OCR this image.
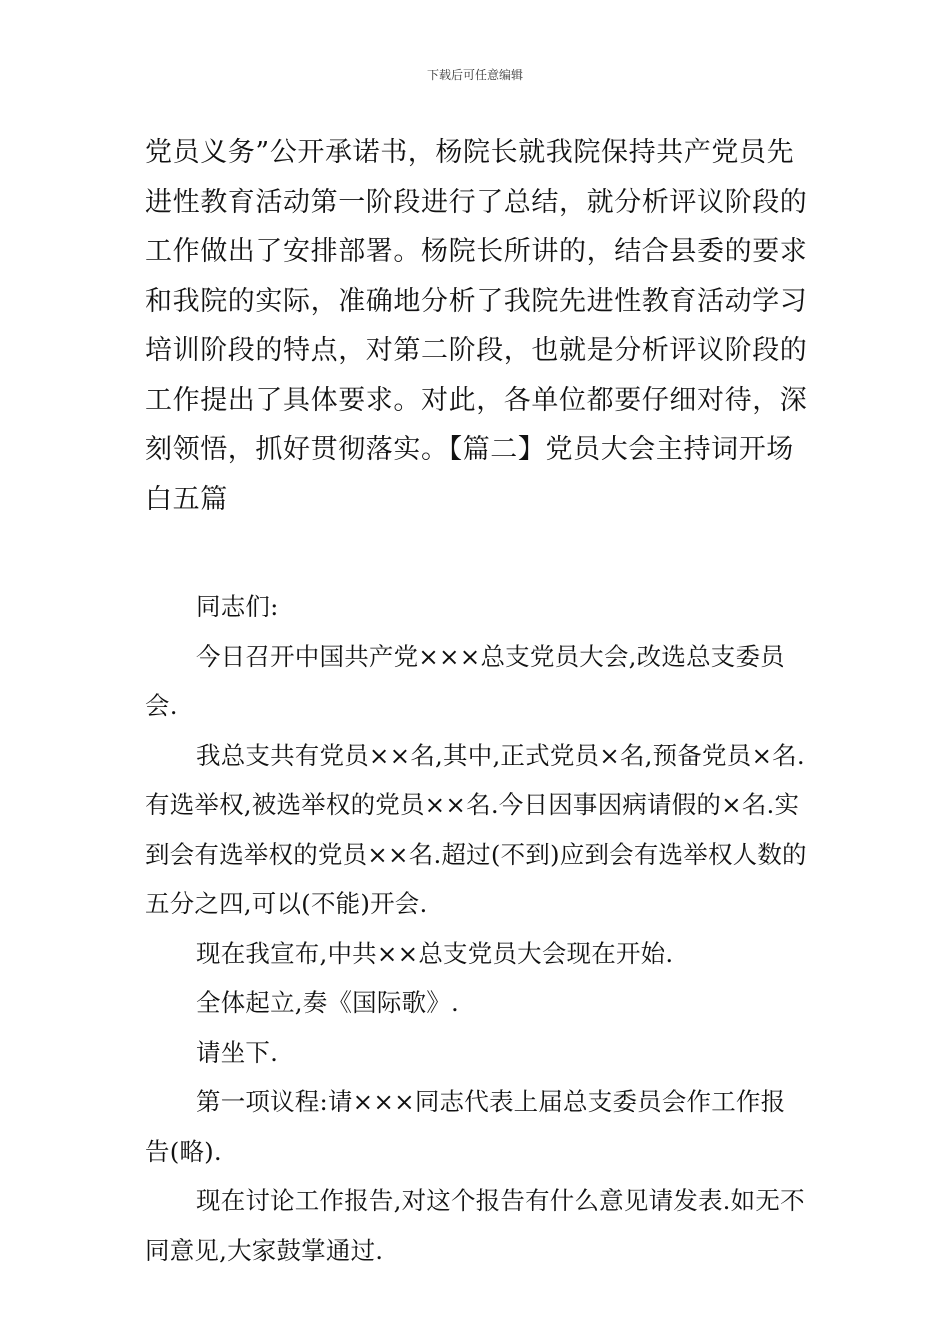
下载后可任意编辑

党员义务”公开承诺书，杨院长就我院保持共产党员先进性教育活动第一阶段进行了总结，就分析评议阶段的工作做出了安排部署。杨院长所讲的，结合县委的要求和我院的实际，准确地分析了我院先进性教育活动学习培训阶段的特点，对第二阶段，也就是分析评议阶段的工作提出了具体要求。对此，各单位都要仔细对待，深刻领悟，抓好贯彻落实。【篇二】党员大会主持词开场白五篇

同志们:

今日召开中国共产党×××总支党员大会,改选总支委员会.

我总支共有党员××名,其中,正式党员×名,预备党员×名.有选举权,被选举权的党员××名.今日因事因病请假的×名.实到会有选举权的党员××名.超过(不到)应到会有选举权人数的五分之四,可以(不能)开会.

现在我宣布,中共××总支党员大会现在开始.

全体起立,奏《国际歌》.

请坐下.

第一项议程:请×××同志代表上届总支委员会作工作报告(略).

现在讨论工作报告,对这个报告有什么意见请发表.如无不同意见,大家鼓掌通过.
